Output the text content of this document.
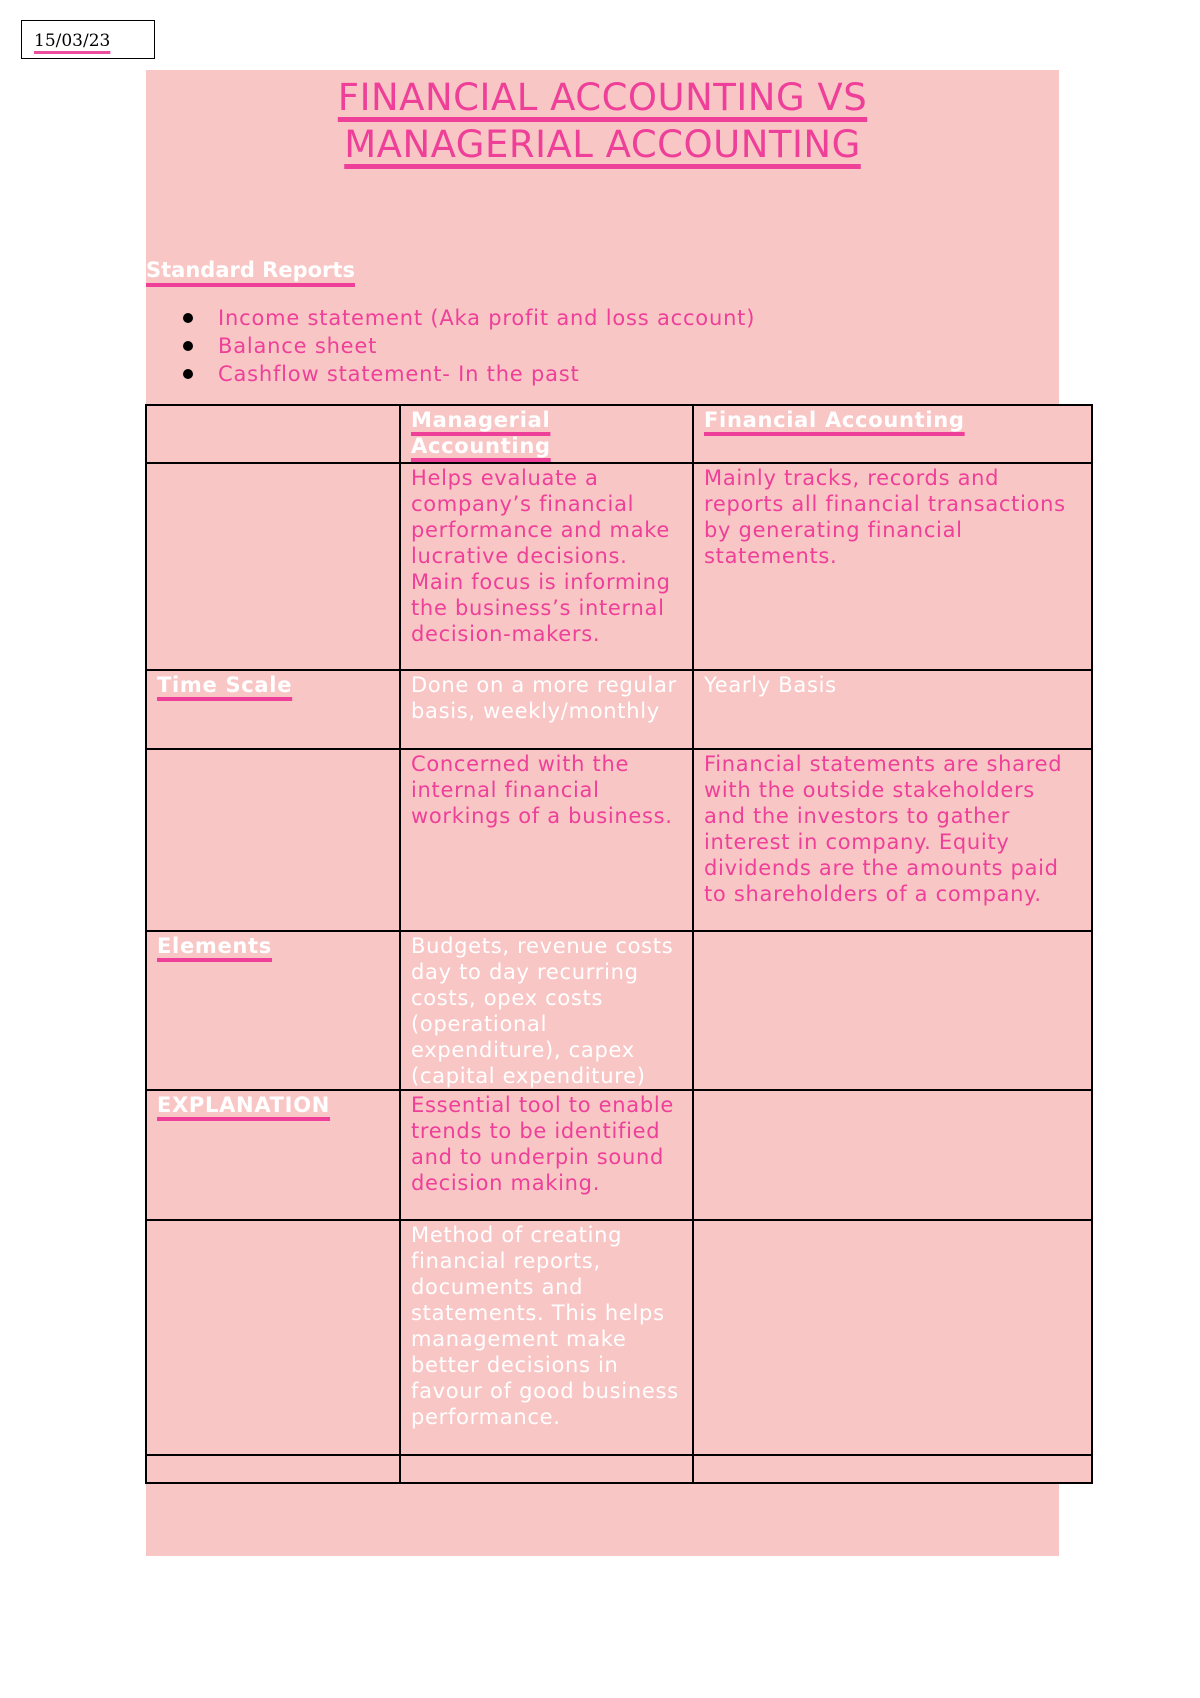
15/03/23
FINANCIAL ACCOUNTING VS
MANAGERIAL ACCOUNTING
Standard Reports
Income statement (Aka profit and loss account)
Balance sheet
Cashflow statement- In the past
	Managerial Accounting	Financial Accounting
	Helps evaluate a company’s financial performance and make lucrative decisions. Main focus is informing the business’s internal decision-makers.	Mainly tracks, records and reports all financial transactions by generating financial statements.
Time Scale	Done on a more regular basis, weekly/monthly	Yearly Basis
	Concerned with the internal financial workings of a business.	Financial statements are shared with the outside stakeholders and the investors to gather interest in company. Equity dividends are the amounts paid to shareholders of a company.
Elements	Budgets, revenue costs day to day recurring costs, opex costs (operational expenditure), capex (capital expenditure)	
EXPLANATION	Essential tool to enable trends to be identified and to underpin sound decision making.	
	Method of creating financial reports, documents and statements. This helps management make better decisions in favour of good business performance.	
